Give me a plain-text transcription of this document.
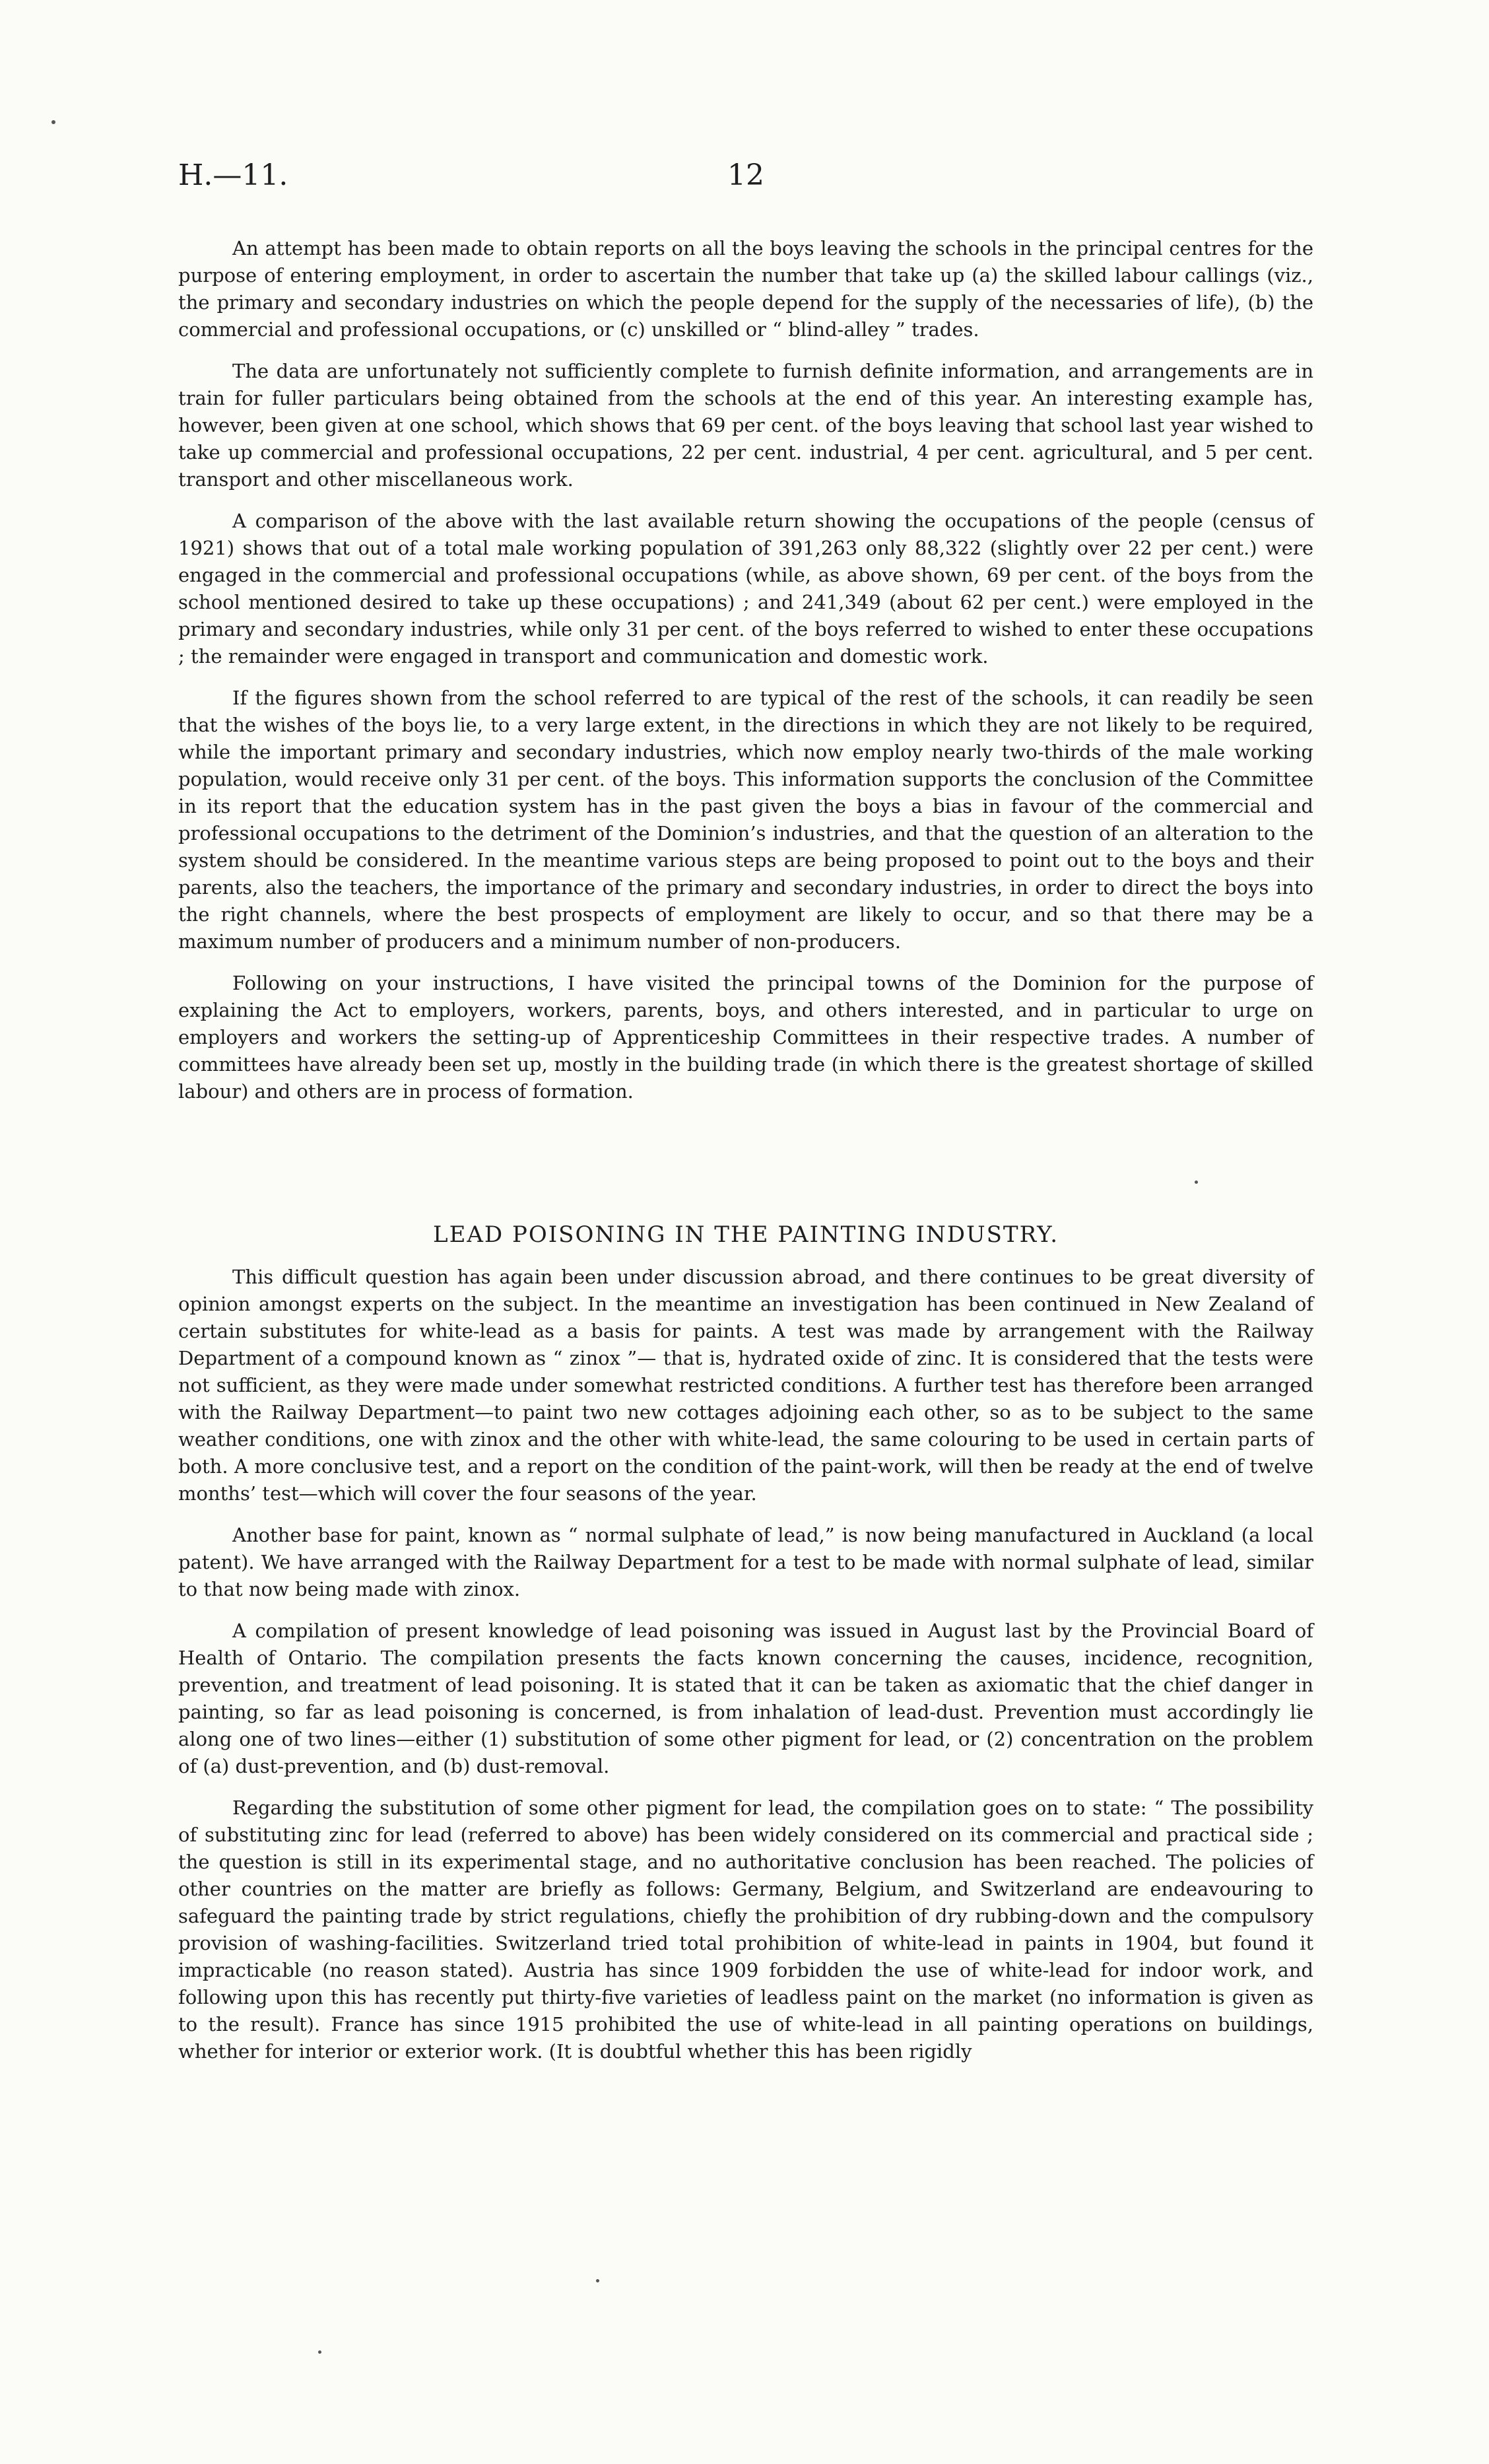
H.—11.	12

An attempt has been made to obtain reports on all the boys leaving the schools in the principal centres for the purpose of entering employment, in order to ascertain the number that take up (a) the skilled labour callings (viz., the primary and secondary industries on which the people depend for the supply of the necessaries of life), (b) the commercial and professional occupations, or (c) unskilled or “ blind-alley ” trades.

The data are unfortunately not sufficiently complete to furnish definite information, and arrangements are in train for fuller particulars being obtained from the schools at the end of this year. An interesting example has, however, been given at one school, which shows that 69 per cent. of the boys leaving that school last year wished to take up commercial and professional occupations, 22 per cent. industrial, 4 per cent. agricultural, and 5 per cent. transport and other miscellaneous work.

A comparison of the above with the last available return showing the occupations of the people (census of 1921) shows that out of a total male working population of 391,263 only 88,322 (slightly over 22 per cent.) were engaged in the commercial and professional occupations (while, as above shown, 69 per cent. of the boys from the school mentioned desired to take up these occupations) ; and 241,349 (about 62 per cent.) were employed in the primary and secondary industries, while only 31 per cent. of the boys referred to wished to enter these occupations ; the remainder were engaged in transport and communication and domestic work.

If the figures shown from the school referred to are typical of the rest of the schools, it can readily be seen that the wishes of the boys lie, to a very large extent, in the directions in which they are not likely to be required, while the important primary and secondary industries, which now employ nearly two-thirds of the male working population, would receive only 31 per cent. of the boys. This information supports the conclusion of the Committee in its report that the education system has in the past given the boys a bias in favour of the commercial and professional occupations to the detriment of the Dominion’s industries, and that the question of an alteration to the system should be considered. In the meantime various steps are being proposed to point out to the boys and their parents, also the teachers, the importance of the primary and secondary industries, in order to direct the boys into the right channels, where the best prospects of employment are likely to occur, and so that there may be a maximum number of producers and a minimum number of non-producers.

Following on your instructions, I have visited the principal towns of the Dominion for the purpose of explaining the Act to employers, workers, parents, boys, and others interested, and in particular to urge on employers and workers the setting-up of Apprenticeship Committees in their respective trades. A number of committees have already been set up, mostly in the building trade (in which there is the greatest shortage of skilled labour) and others are in process of formation.

LEAD POISONING IN THE PAINTING INDUSTRY.

This difficult question has again been under discussion abroad, and there continues to be great diversity of opinion amongst experts on the subject. In the meantime an investigation has been continued in New Zealand of certain substitutes for white-lead as a basis for paints. A test was made by arrangement with the Railway Department of a compound known as “ zinox ”— that is, hydrated oxide of zinc. It is considered that the tests were not sufficient, as they were made under somewhat restricted conditions. A further test has therefore been arranged with the Railway Department—to paint two new cottages adjoining each other, so as to be subject to the same weather conditions, one with zinox and the other with white-lead, the same colouring to be used in certain parts of both. A more conclusive test, and a report on the condition of the paint-work, will then be ready at the end of twelve months’ test—which will cover the four seasons of the year.

Another base for paint, known as “ normal sulphate of lead,” is now being manufactured in Auckland (a local patent). We have arranged with the Railway Department for a test to be made with normal sulphate of lead, similar to that now being made with zinox.

A compilation of present knowledge of lead poisoning was issued in August last by the Provincial Board of Health of Ontario. The compilation presents the facts known concerning the causes, incidence, recognition, prevention, and treatment of lead poisoning. It is stated that it can be taken as axiomatic that the chief danger in painting, so far as lead poisoning is concerned, is from inhalation of lead-dust. Prevention must accordingly lie along one of two lines—either (1) substitution of some other pigment for lead, or (2) concentration on the problem of (a) dust-prevention, and (b) dust-removal.

Regarding the substitution of some other pigment for lead, the compilation goes on to state: “ The possibility of substituting zinc for lead (referred to above) has been widely considered on its commercial and practical side ; the question is still in its experimental stage, and no authoritative conclusion has been reached. The policies of other countries on the matter are briefly as follows: Germany, Belgium, and Switzerland are endeavouring to safeguard the painting trade by strict regulations, chiefly the prohibition of dry rubbing-down and the compulsory provision of washing-facilities. Switzerland tried total prohibition of white-lead in paints in 1904, but found it impracticable (no reason stated). Austria has since 1909 forbidden the use of white-lead for indoor work, and following upon this has recently put thirty-five varieties of leadless paint on the market (no information is given as to the result). France has since 1915 prohibited the use of white-lead in all painting operations on buildings, whether for interior or exterior work. (It is doubtful whether this has been rigidly
